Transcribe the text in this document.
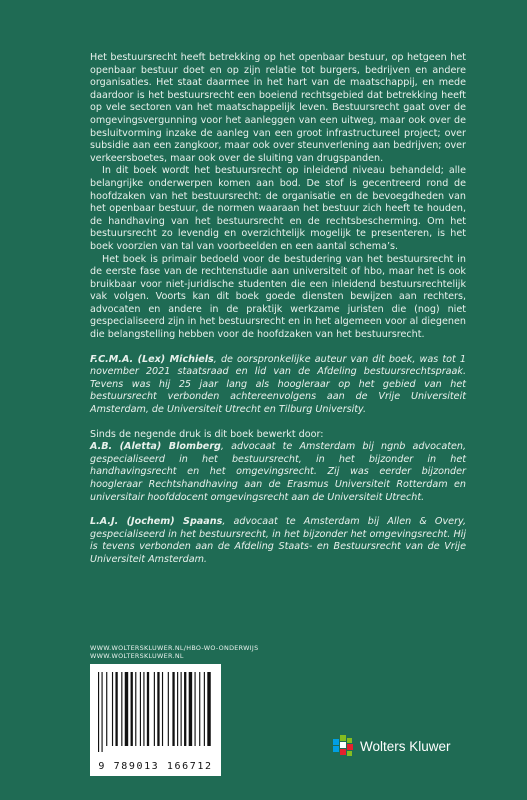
Het bestuursrecht heeft betrekking op het openbaar bestuur, op hetgeen het openbaar bestuur doet en op zijn relatie tot burgers, bedrijven en andere organisaties. Het staat daarmee in het hart van de maatschappij, en mede daardoor is het bestuursrecht een boeiend rechtsgebied dat betrekking heeft op vele sectoren van het maatschappelijk leven. Bestuursrecht gaat over de omgevingsvergunning voor het aanleggen van een uitweg, maar ook over de besluitvorming inzake de aanleg van een groot infrastructureel project; over subsidie aan een zangkoor, maar ook over steunverlening aan bedrijven; over verkeersboetes, maar ook over de sluiting van drugspanden.

In dit boek wordt het bestuursrecht op inleidend niveau behandeld; alle belangrijke onderwerpen komen aan bod. De stof is gecentreerd rond de hoofdzaken van het bestuursrecht: de organisatie en de bevoegdheden van het openbaar bestuur, de normen waaraan het bestuur zich heeft te houden, de handhaving van het bestuursrecht en de rechtsbescherming. Om het bestuursrecht zo levendig en overzichtelijk mogelijk te presenteren, is het boek voorzien van tal van voorbeelden en een aantal schema’s.

Het boek is primair bedoeld voor de bestudering van het bestuursrecht in de eerste fase van de rechtenstudie aan universiteit of hbo, maar het is ook bruikbaar voor niet-juridische studenten die een inleidend bestuursrechtelijk vak volgen. Voorts kan dit boek goede diensten bewijzen aan rechters, advocaten en andere in de praktijk werkzame juristen die (nog) niet gespecialiseerd zijn in het bestuursrecht en in het algemeen voor al diegenen die belangstelling hebben voor de hoofdzaken van het bestuursrecht.

F.C.M.A. (Lex) Michiels, de oorspronkelijke auteur van dit boek, was tot 1 november 2021 staatsraad en lid van de Afdeling bestuursrechtspraak. Tevens was hij 25 jaar lang als hoogleraar op het gebied van het bestuursrecht verbonden achtereenvolgens aan de Vrije Universiteit Amsterdam, de Universiteit Utrecht en Tilburg University.

Sinds de negende druk is dit boek bewerkt door:

A.B. (Aletta) Blomberg, advocaat te Amsterdam bij ngnb advocaten, gespecialiseerd in het bestuursrecht, in het bijzonder in het handhavingsrecht en het omgevingsrecht. Zij was eerder bijzonder hoogleraar Rechtshandhaving aan de Erasmus Universiteit Rotterdam en universitair hoofddocent omgevingsrecht aan de Universiteit Utrecht.

L.A.J. (Jochem) Spaans, advocaat te Amsterdam bij Allen & Overy, gespecialiseerd in het bestuursrecht, in het bijzonder het omgevingsrecht. Hij is tevens verbonden aan de Afdeling Staats- en Bestuursrecht van de Vrije Universiteit Amsterdam.

WWW.WOLTERSKLUWER.NL/HBO-WO-ONDERWIJS
WWW.WOLTERSKLUWER.NL
9 789013 166712
Wolters Kluwer
